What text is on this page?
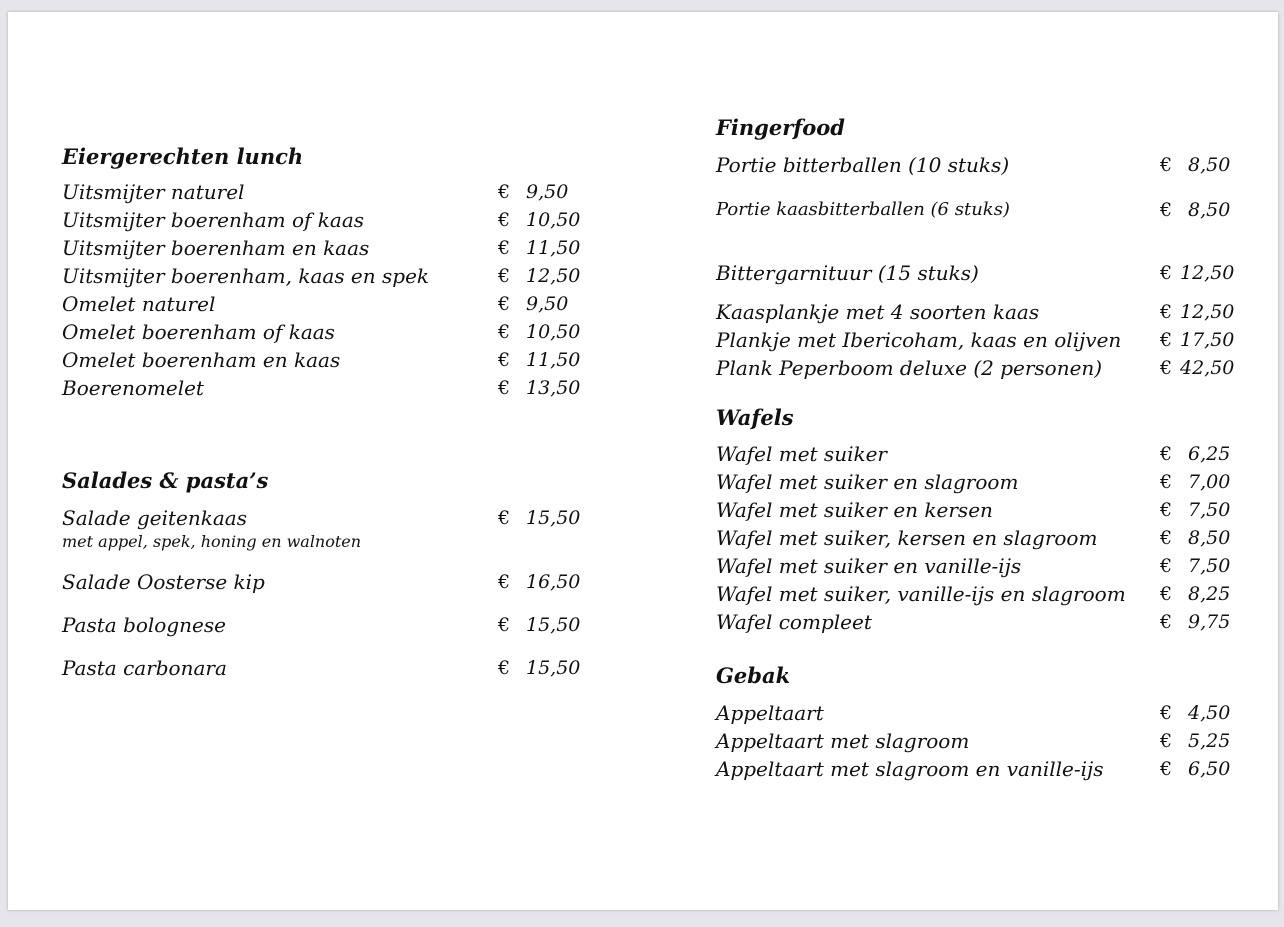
Eiergerechten lunch
Uitsmijter naturel	€ 9,50
Uitsmijter boerenham of kaas	€ 10,50
Uitsmijter boerenham en kaas	€ 11,50
Uitsmijter boerenham, kaas en spek	€ 12,50
Omelet naturel	€ 9,50
Omelet boerenham of kaas	€ 10,50
Omelet boerenham en kaas	€ 11,50
Boerenomelet	€ 13,50
Salades & pasta’s
Salade geitenkaas	€ 15,50
met appel, spek, honing en walnoten
Salade Oosterse kip	€ 16,50
Pasta bolognese	€ 15,50
Pasta carbonara	€ 15,50
Fingerfood
Portie bitterballen (10 stuks)	€ 8,50
Portie kaasbitterballen (6 stuks)	€ 8,50
Bittergarnituur (15 stuks)	€ 12,50
Kaasplankje met 4 soorten kaas	€ 12,50
Plankje met Ibericoham, kaas en olijven € 17,50
Plank Peperboom deluxe (2 personen)	€ 42,50
Wafels
Wafel met suiker	€ 6,25
Wafel met suiker en slagroom	€ 7,00
Wafel met suiker en kersen	€ 7,50
Wafel met suiker, kersen en slagroom	€ 8,50
Wafel met suiker en vanille-ijs	€ 7,50
Wafel met suiker, vanille-ijs en slagroom € 8,25
Wafel compleet	€ 9,75
Gebak
Appeltaart	€ 4,50
Appeltaart met slagroom	€ 5,25
Appeltaart met slagroom en vanille-ijs	€ 6,50
